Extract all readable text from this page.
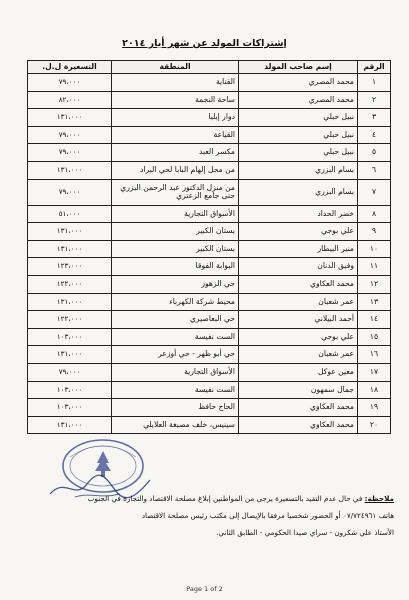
إشتراكات المولد عن شهر أيار ٢٠١٤
الرقم	إسم صاحب المولد	المنطقة	التسعيرة ل.ل.
١	محمد المصري	القناية	٧٩،٠٠٠
٢	محمد المصري	ساحة النجمة	٨٢،٠٠٠
٣	نبيل حبلي	دوار إيليا	١٣١،٠٠٠
٤	نبيل حبلي	القياعة	٧٩،٠٠٠
٥	نبيل حبلي	مكسر العبد	٧٩،٠٠٠
٦	بسام البزري	من محل إلهام البابا لحي البراد	١٣١،٠٠٠
٧	بسام البزري	من منزل الدكتور عبد الرحمن البزري حتى جامع الزعتري	٧٩،٠٠٠
٨	خضر الحداد	الأسواق التجارية	٥١،٠٠٠
٩	علي بوجي	بستان الكبير	١٣١،٠٠٠
١٠	منير البيطار	بستان الكبير	١٣١،٠٠٠
١١	وفيق الدنان	البوابة الفوقا	١٢٣،٠٠٠
١٢	محمد العكاوي	حي الزهور	١٢٢،٠٠٠
١٣	عمر شعبان	محيط شركة الكهرباء	١٣١،٠٠٠
١٤	أحمد البيلاني	حي البعاصيري	١٢٢،٠٠٠
١٥	علي بوجي	الست نفيسة	١٠٣،٠٠٠
١٦	عمر شعبان	حي أبو ظهر - حي أوزعر	١٣١،٠٠٠
١٧	معين عوكل	الأسواق التجارية	٧٩،٠٠٠
١٨	جمال سمهون	الست نفيسة	١٠٣،٠٠٠
١٩	محمد العكاوي	الحاج حافظ	١٠٣،٠٠٠
٢٠	محمد العكاوي	سينيس، خلف مصبغة العلايلي	١٣١،٠٠٠
ملاحظة: في حال عدم التقيد بالتسعيرة يرجى من المواطنين إبلاغ مصلحة الاقتصاد والتجارة في الجنوب
هاتف ٠٧/٧٢٤٩٦١ أو الحضور شخصيا مرفقا بالإيصال إلى مكتب رئيس مصلحة الاقتصاد
الأستاذ علي شكرون - سراي صيدا الحكومي - الطابق الثاني.
Page 1 of 2
